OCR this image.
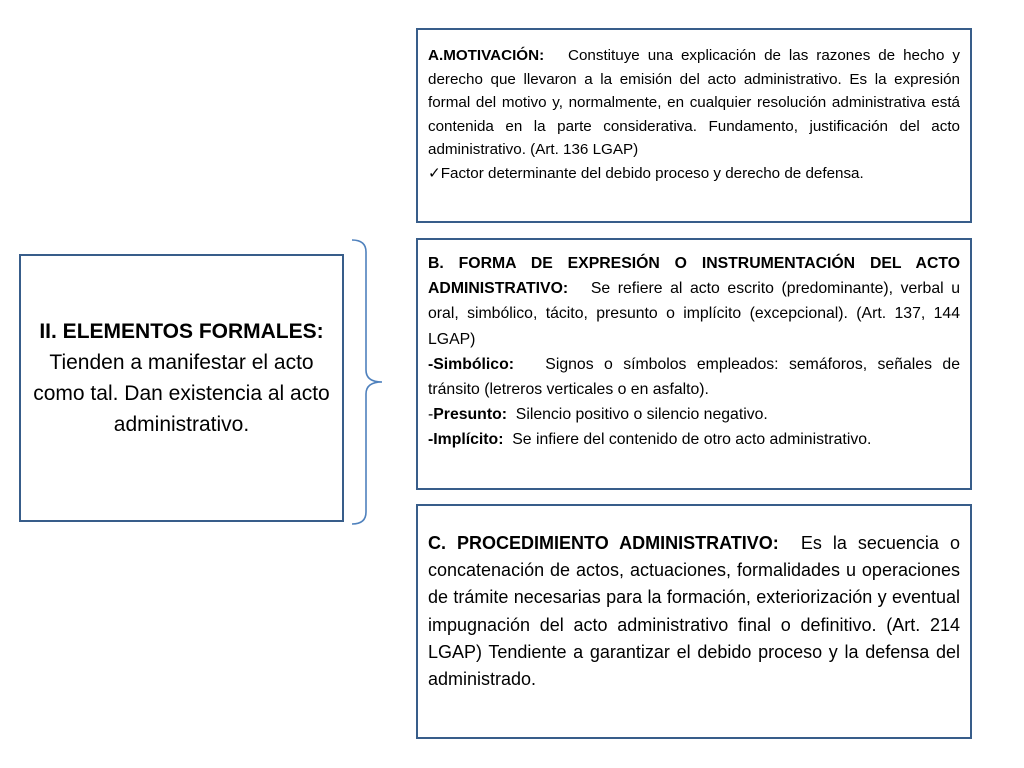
II. ELEMENTOS FORMALES:
Tienden a manifestar el acto como tal. Dan existencia al acto administrativo.

A.MOTIVACIÓN: Constituye una explicación de las razones de hecho y derecho que llevaron a la emisión del acto administrativo. Es la expresión formal del motivo y, normalmente, en cualquier resolución administrativa está contenida en la parte considerativa. Fundamento, justificación del acto administrativo. (Art. 136 LGAP)

✓Factor determinante del debido proceso y derecho de defensa.

B. FORMA DE EXPRESIÓN O INSTRUMENTACIÓN DEL ACTO ADMINISTRATIVO: Se refiere al acto escrito (predominante), verbal u oral, simbólico, tácito, presunto o implícito (excepcional). (Art. 137, 144 LGAP)

-Simbólico: Signos o símbolos empleados: semáforos, señales de tránsito (letreros verticales o en asfalto).

-Presunto: Silencio positivo o silencio negativo.

-Implícito: Se infiere del contenido de otro acto administrativo.

C. PROCEDIMIENTO ADMINISTRATIVO: Es la secuencia o concatenación de actos, actuaciones, formalidades u operaciones de trámite necesarias para la formación, exteriorización y eventual impugnación del acto administrativo final o definitivo. (Art. 214 LGAP) Tendiente a garantizar el debido proceso y la defensa del administrado.
